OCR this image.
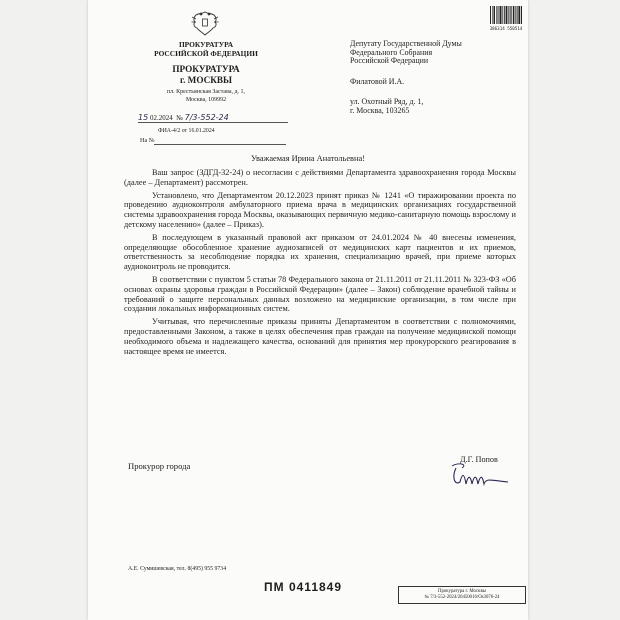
ПРОКУРАТУРА
РОССИЙСКОЙ ФЕДЕРАЦИИ
ПРОКУРАТУРА
г. МОСКВЫ
пл. Крестьянская Застава, д. 1,
Москва, 109992
15 02.2024 № 7/3-552-24
ФИА-4/2 от 16.01.2024
На №
386314 550514
Депутату Государственной Думы
Федерального Собрания
Российской Федерации
Филатовой И.А.
ул. Охотный Ряд, д. 1,
г. Москва, 103265
Уважаемая Ирина Анатольевна!

Ваш запрос (ЗДГД-32-24) о несогласии с действиями Департамента здравоохранения города Москвы (далее – Департамент) рассмотрен.

Установлено, что Департаментом 20.12.2023 принят приказ № 1241 «О тиражировании проекта по проведению аудиоконтроля амбулаторного приема врача в медицинских организациях государственной системы здравоохранения города Москвы, оказывающих первичную медико-санитарную помощь взрослому и детскому населению» (далее – Приказ).

В последующем в указанный правовой акт приказом от 24.01.2024 № 40 внесены изменения, определяющие обособленное хранение аудиозаписей от медицинских карт пациентов и их приемов, ответственность за несоблюдение порядка их хранения, специализацию врачей, при приеме которых аудиоконтроль не проводится.

В соответствии с пунктом 5 статьи 78 Федерального закона от 21.11.2011 от 21.11.2011 № 323-ФЗ «Об основах охраны здоровья граждан в Российской Федерации» (далее – Закон) соблюдение врачебной тайны и требований о защите персональных данных возложено на медицинские организации, в том числе при создании локальных информационных систем.

Учитывая, что перечисленные приказы приняты Департаментом в соответствии с полномочиями, предоставленными Законом, а также в целях обеспечения прав граждан на получение медицинской помощи необходимого объема и надлежащего качества, оснований для принятия мер прокурорского реагирования в настоящее время не имеется.

Прокурор города
Д.Г. Попов
А.Е. Сумишевская, тел. 8(495) 955 9734
ПМ 0411849	Прокуратура г. Москвы
№ 7/3-552-2024/20450016/Os3076-24
